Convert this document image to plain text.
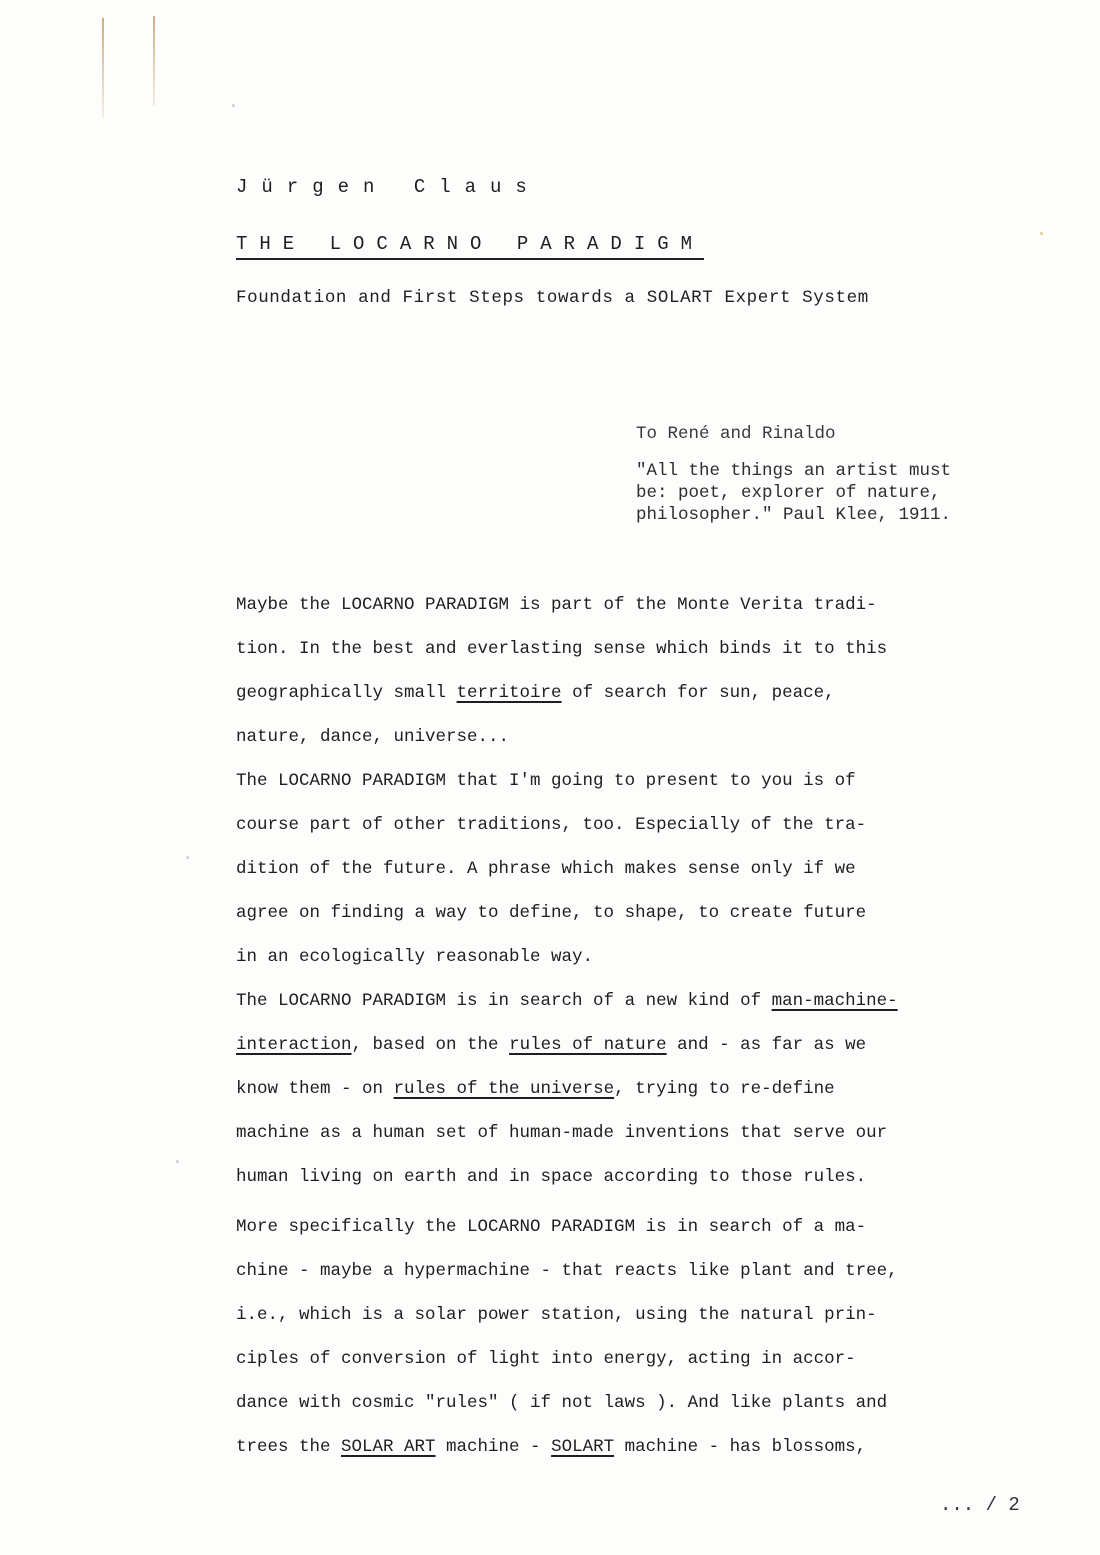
Jürgen Claus
THE LOCARNO PARADIGM
Foundation and First Steps towards a SOLART Expert System
To René and Rinaldo
"All the things an artist must
be: poet, explorer of nature,
philosopher." Paul Klee, 1911.
Maybe the LOCARNO PARADIGM is part of the Monte Verita tradi-
tion. In the best and everlasting sense which binds it to this
geographically small territoire of search for sun, peace,
nature, dance, universe...
The LOCARNO PARADIGM that I'm going to present to you is of
course part of other traditions, too. Especially of the tra-
dition of the future. A phrase which makes sense only if we
agree on finding a way to define, to shape, to create future
in an ecologically reasonable way.
The LOCARNO PARADIGM is in search of a new kind of man-machine-
interaction, based on the rules of nature and - as far as we
know them - on rules of the universe, trying to re-define
machine as a human set of human-made inventions that serve our
human living on earth and in space according to those rules.
More specifically the LOCARNO PARADIGM is in search of a ma-
chine - maybe a hypermachine - that reacts like plant and tree,
i.e., which is a solar power station, using the natural prin-
ciples of conversion of light into energy, acting in accor-
dance with cosmic "rules" ( if not laws ). And like plants and
trees the SOLAR ART machine - SOLART machine - has blossoms,
... / 2
